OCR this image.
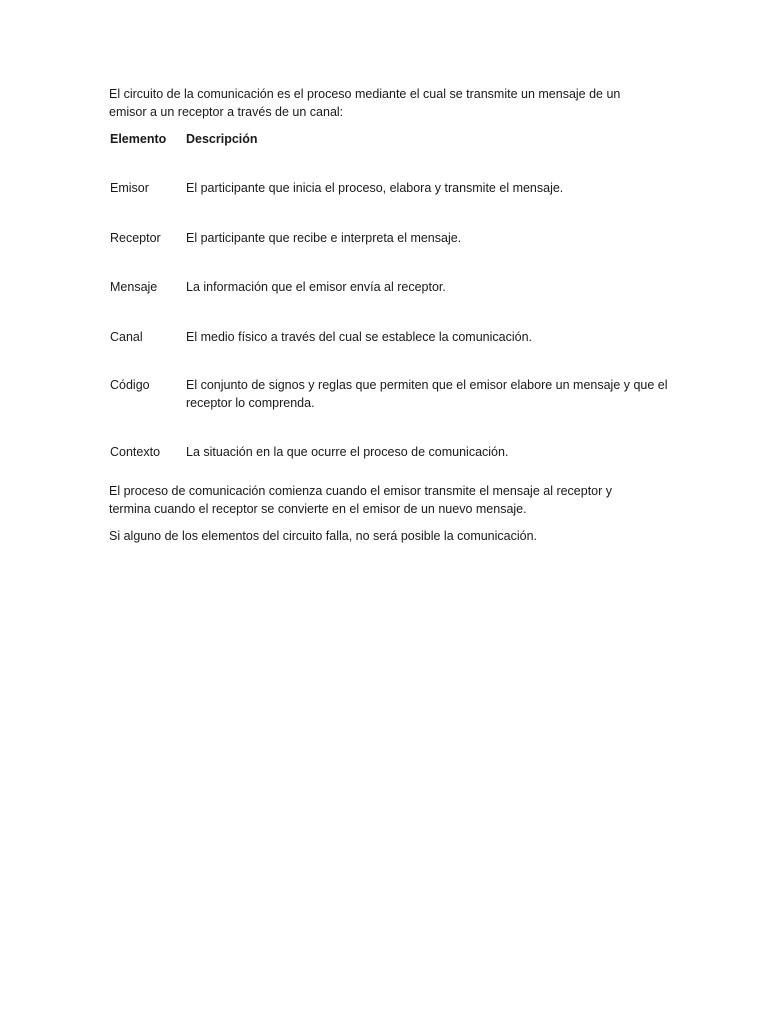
El circuito de la comunicación es el proceso mediante el cual se transmite un mensaje de un emisor a un receptor a través de un canal:

Elemento	Descripción
Emisor	El participante que inicia el proceso, elabora y transmite el mensaje.
Receptor	El participante que recibe e interpreta el mensaje.
Mensaje	La información que el emisor envía al receptor.
Canal	El medio físico a través del cual se establece la comunicación.
Código	El conjunto de signos y reglas que permiten que el emisor elabore un mensaje y que el receptor lo comprenda.
Contexto	La situación en la que ocurre el proceso de comunicación.

El proceso de comunicación comienza cuando el emisor transmite el mensaje al receptor y termina cuando el receptor se convierte en el emisor de un nuevo mensaje.

Si alguno de los elementos del circuito falla, no será posible la comunicación.
